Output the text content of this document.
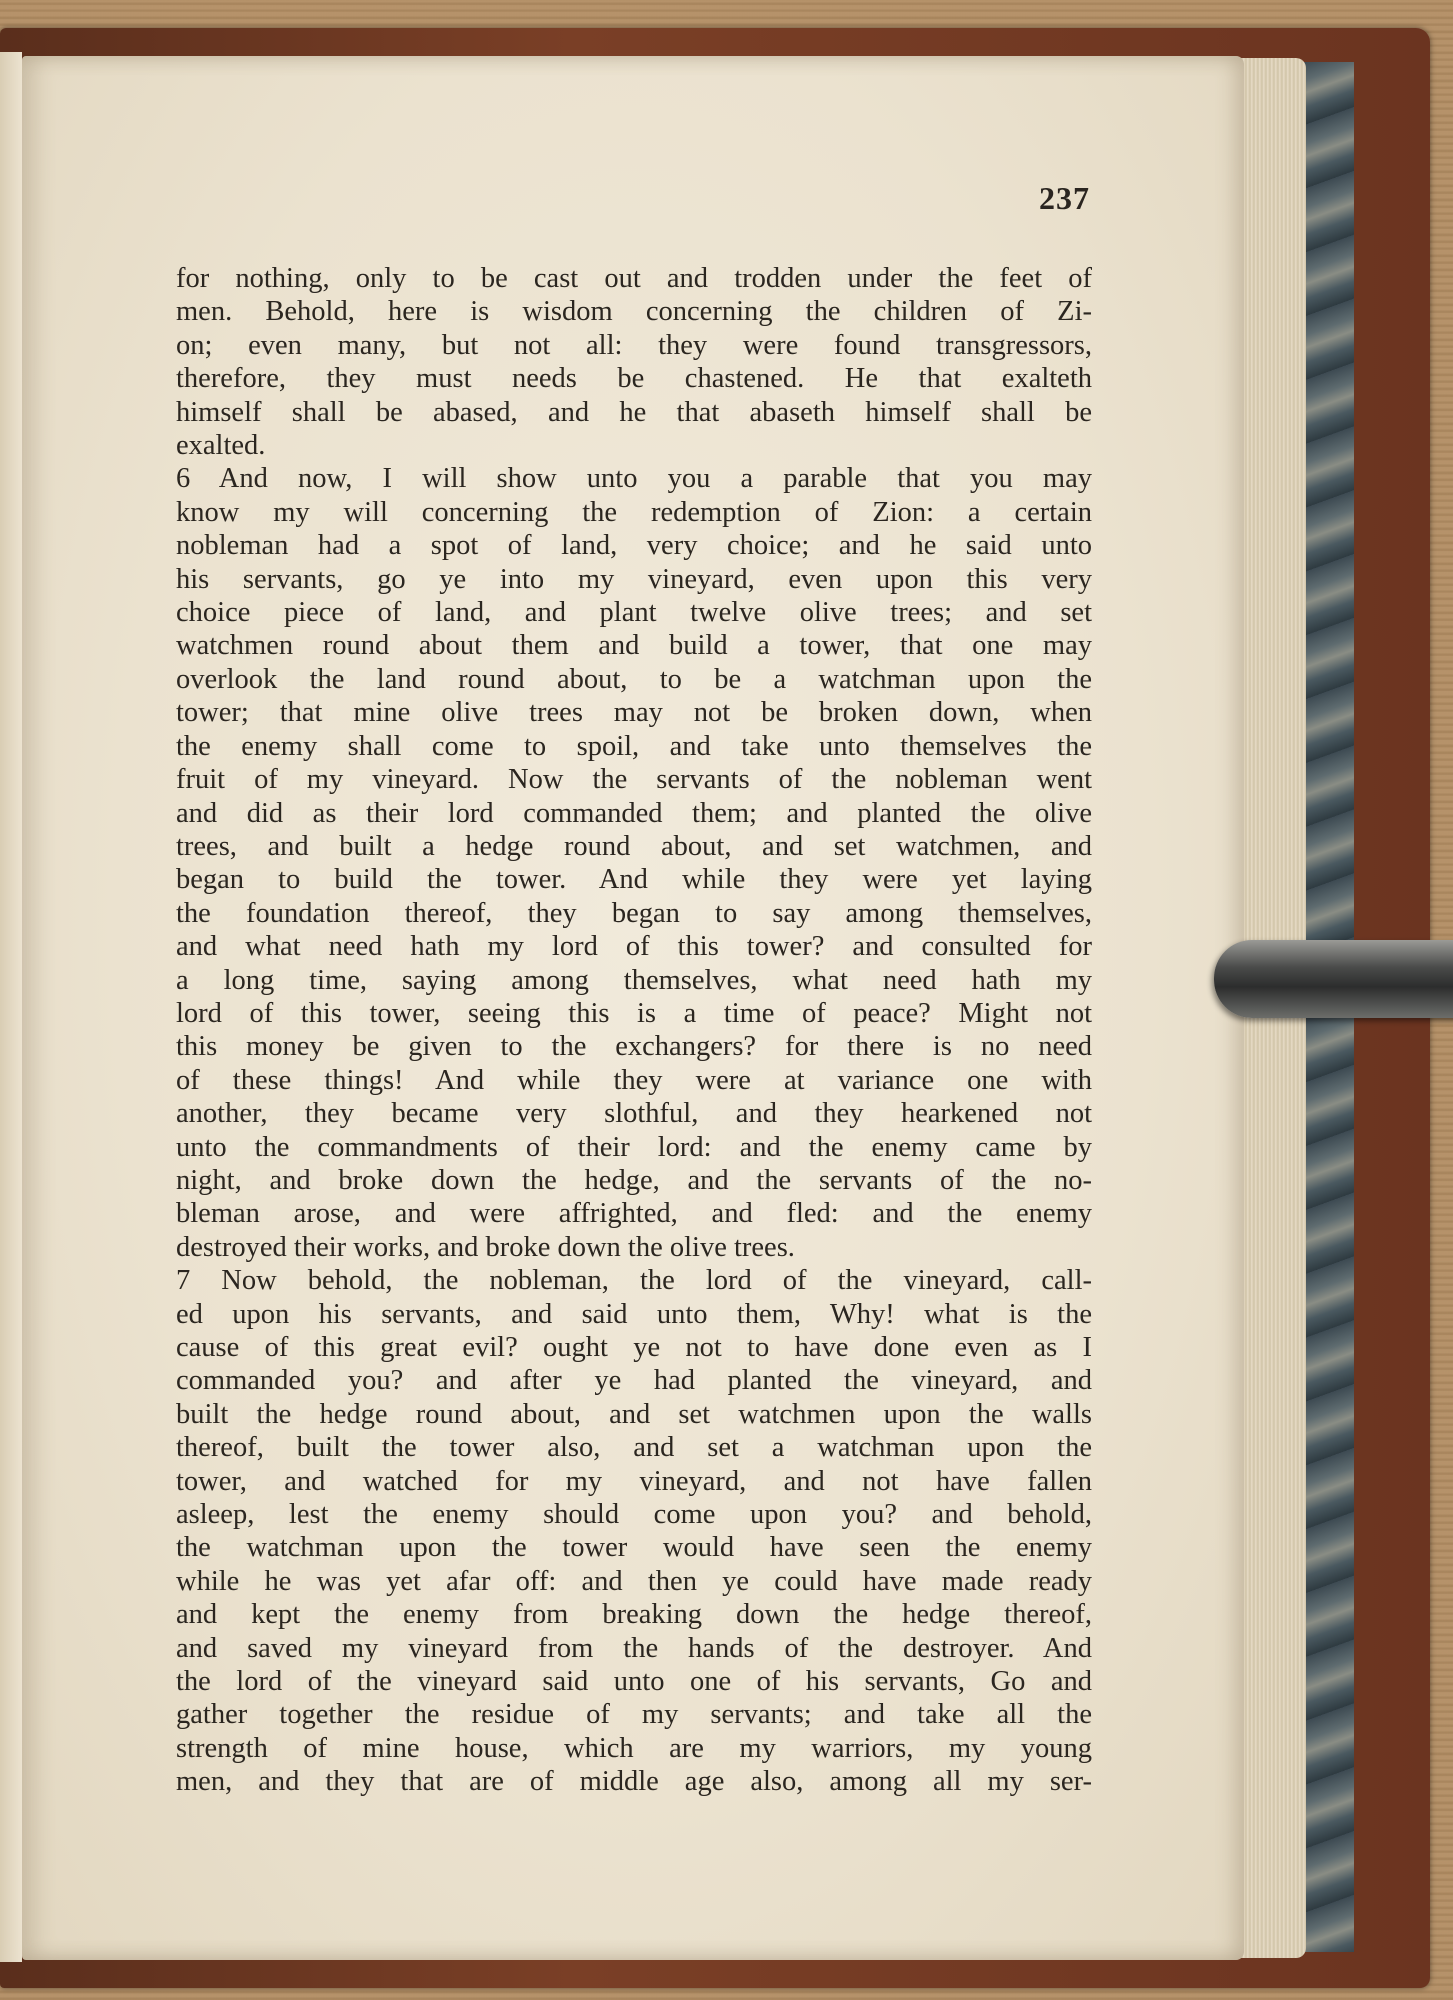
237
for nothing, only to be cast out and trodden under the feet of
men. Behold, here is wisdom concerning the children of Zi-
on; even many, but not all: they were found transgressors,
therefore, they must needs be chastened. He that exalteth
himself shall be abased, and he that abaseth himself shall be
exalted.
6 And now, I will show unto you a parable that you may
know my will concerning the redemption of Zion: a certain
nobleman had a spot of land, very choice; and he said unto
his servants, go ye into my vineyard, even upon this very
choice piece of land, and plant twelve olive trees; and set
watchmen round about them and build a tower, that one may
overlook the land round about, to be a watchman upon the
tower; that mine olive trees may not be broken down, when
the enemy shall come to spoil, and take unto themselves the
fruit of my vineyard. Now the servants of the nobleman went
and did as their lord commanded them; and planted the olive
trees, and built a hedge round about, and set watchmen, and
began to build the tower. And while they were yet laying
the foundation thereof, they began to say among themselves,
and what need hath my lord of this tower? and consulted for
a long time, saying among themselves, what need hath my
lord of this tower, seeing this is a time of peace? Might not
this money be given to the exchangers? for there is no need
of these things! And while they were at variance one with
another, they became very slothful, and they hearkened not
unto the commandments of their lord: and the enemy came by
night, and broke down the hedge, and the servants of the no-
bleman arose, and were affrighted, and fled: and the enemy
destroyed their works, and broke down the olive trees.
7 Now behold, the nobleman, the lord of the vineyard, call-
ed upon his servants, and said unto them, Why! what is the
cause of this great evil? ought ye not to have done even as I
commanded you? and after ye had planted the vineyard, and
built the hedge round about, and set watchmen upon the walls
thereof, built the tower also, and set a watchman upon the
tower, and watched for my vineyard, and not have fallen
asleep, lest the enemy should come upon you? and behold,
the watchman upon the tower would have seen the enemy
while he was yet afar off: and then ye could have made ready
and kept the enemy from breaking down the hedge thereof,
and saved my vineyard from the hands of the destroyer. And
the lord of the vineyard said unto one of his servants, Go and
gather together the residue of my servants; and take all the
strength of mine house, which are my warriors, my young
men, and they that are of middle age also, among all my ser-
